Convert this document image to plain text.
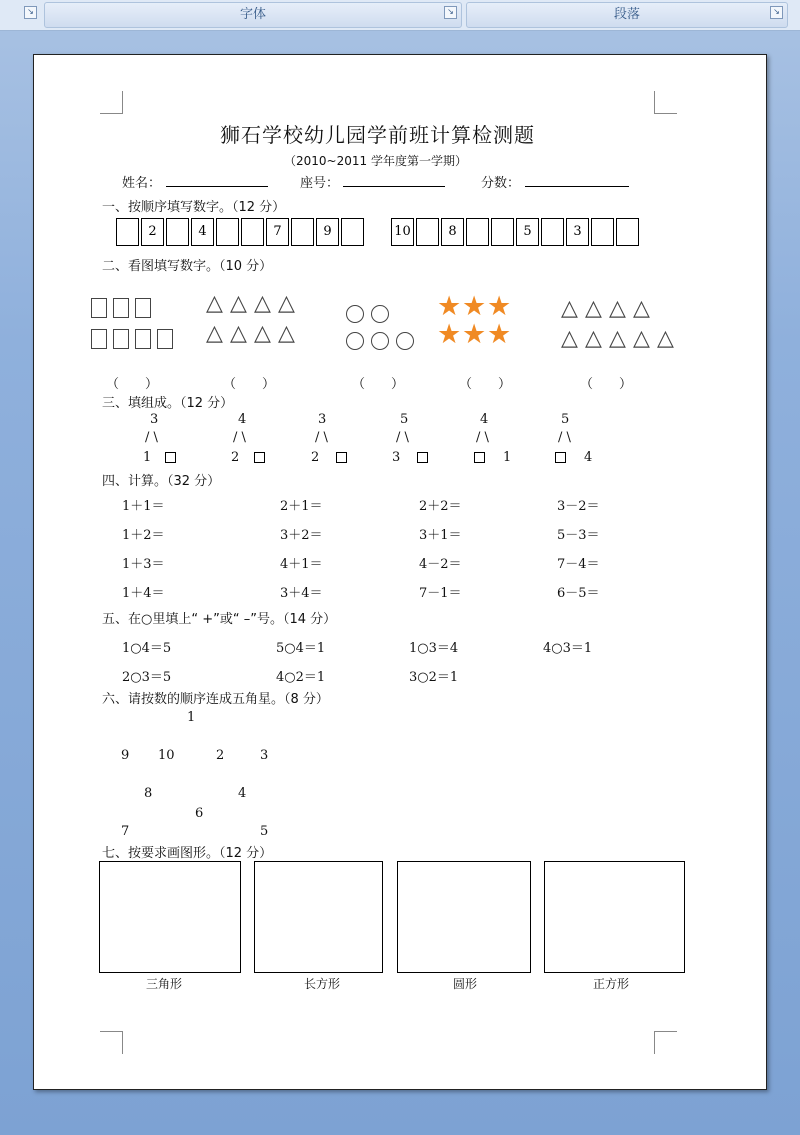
字体	↘	段落	↘
↘
狮石学校幼儿园学前班计算检测题
（2010~2011 学年度第一学期）
姓名：	座号：	分数：
一、按顺序填写数字。（12 分）
2	4	7	9	10	8	5	3
二、看图填写数字。（10 分）
△ △ △ △
△ △ △ △
★ ★ ★
★ ★ ★
△ △ △ △
△ △ △ △ △
（　　）	（　　）	（　　）	（　　）	（　　）
三、填组成。（12 分）
3
/ \
1
4
/ \
2
3
/ \
2
5
/ \
3
4
/ \
1
5
/ \
4
四、计算。（32 分）
1＋1＝	2＋1＝	2＋2＝	3－2＝
1＋2＝	3＋2＝	3＋1＝	5－3＝
1＋3＝	4＋1＝	4－2＝	7－4＝
1＋4＝	3＋4＝	7－1＝	6－5＝
五、在○里填上“ +”或“ –”号。（14 分）
1○4＝5	5○4＝1	1○3＝4	4○3＝1
2○3＝5	4○2＝1	3○2＝1
六、请按数的顺序连成五角星。（8 分）
1
9 10	2	3
8	4
6
7	5
七、按要求画图形。（12 分）
三角形	长方形	圆形	正方形
